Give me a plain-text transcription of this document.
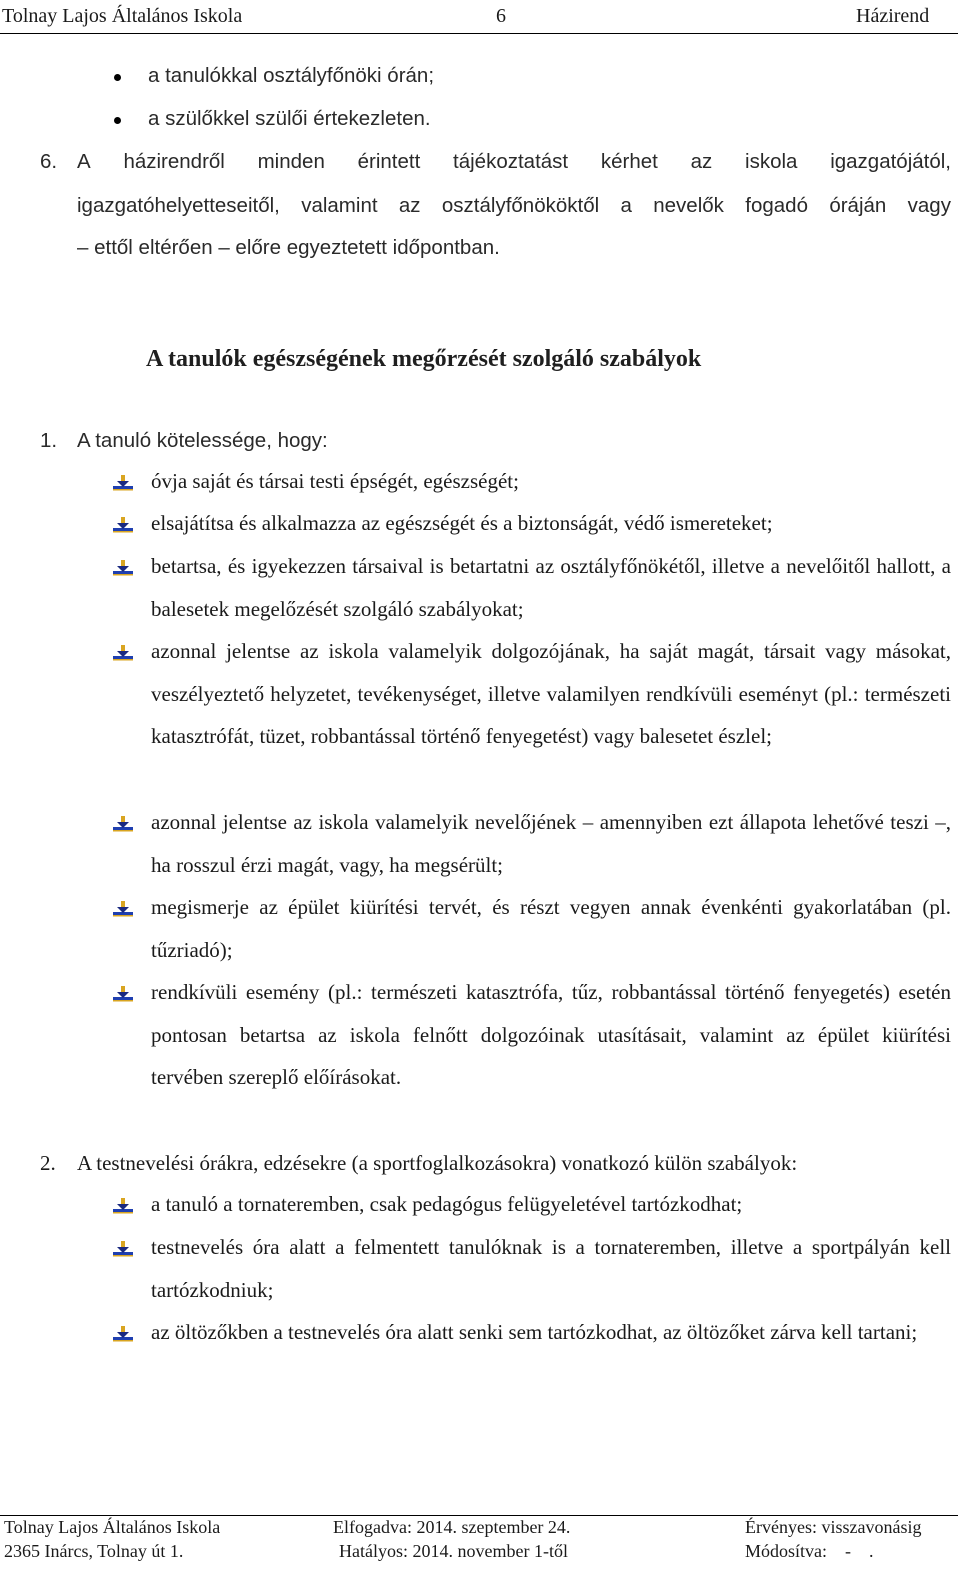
Tolnay Lajos Általános Iskola	6	Házirend
a tanulókkal osztályfőnöki órán;
a szülőkkel szülői értekezleten.
6. A házirendről minden érintett tájékoztatást kérhet az iskola igazgatójától,
igazgatóhelyetteseitől, valamint az osztályfőnököktől a nevelők fogadó óráján vagy
– ettől eltérően – előre egyeztetett időpontban.
A tanulók egészségének megőrzését szolgáló szabályok
1. A tanuló kötelessége, hogy:
óvja saját és társai testi épségét, egészségét;
elsajátítsa és alkalmazza az egészségét és a biztonságát, védő ismereteket;
betartsa, és igyekezzen társaival is betartatni az osztályfőnökétől, illetve a nevelőitől hallott, a balesetek megelőzését szolgáló szabályokat;
azonnal jelentse az iskola valamelyik dolgozójának, ha saját magát, társait vagy másokat, veszélyeztető helyzetet, tevékenységet, illetve valamilyen rendkívüli eseményt (pl.: természeti katasztrófát, tüzet, robbantással történő fenyegetést) vagy balesetet észlel;
azonnal jelentse az iskola valamelyik nevelőjének – amennyiben ezt állapota lehetővé teszi –, ha rosszul érzi magát, vagy, ha megsérült;
megismerje az épület kiürítési tervét, és részt vegyen annak évenkénti gyakorlatában (pl. tűzriadó);
rendkívüli esemény (pl.: természeti katasztrófa, tűz, robbantással történő fenyegetés) esetén pontosan betartsa az iskola felnőtt dolgozóinak utasításait, valamint az épület kiürítési tervében szereplő előírásokat.
2. A testnevelési órákra, edzésekre (a sportfoglalkozásokra) vonatkozó külön szabályok:
a tanuló a tornateremben, csak pedagógus felügyeletével tartózkodhat;
testnevelés óra alatt a felmentett tanulóknak is a tornateremben, illetve a sportpályán kell tartózkodniuk;
az öltözőkben a testnevelés óra alatt senki sem tartózkodhat, az öltözőket zárva kell tartani;
Tolnay Lajos Általános Iskola
2365 Inárcs, Tolnay út 1.
Elfogadva: 2014. szeptember 24.
Hatályos: 2014. november 1-től
Érvényes: visszavonásig
Módosítva:    -    .
